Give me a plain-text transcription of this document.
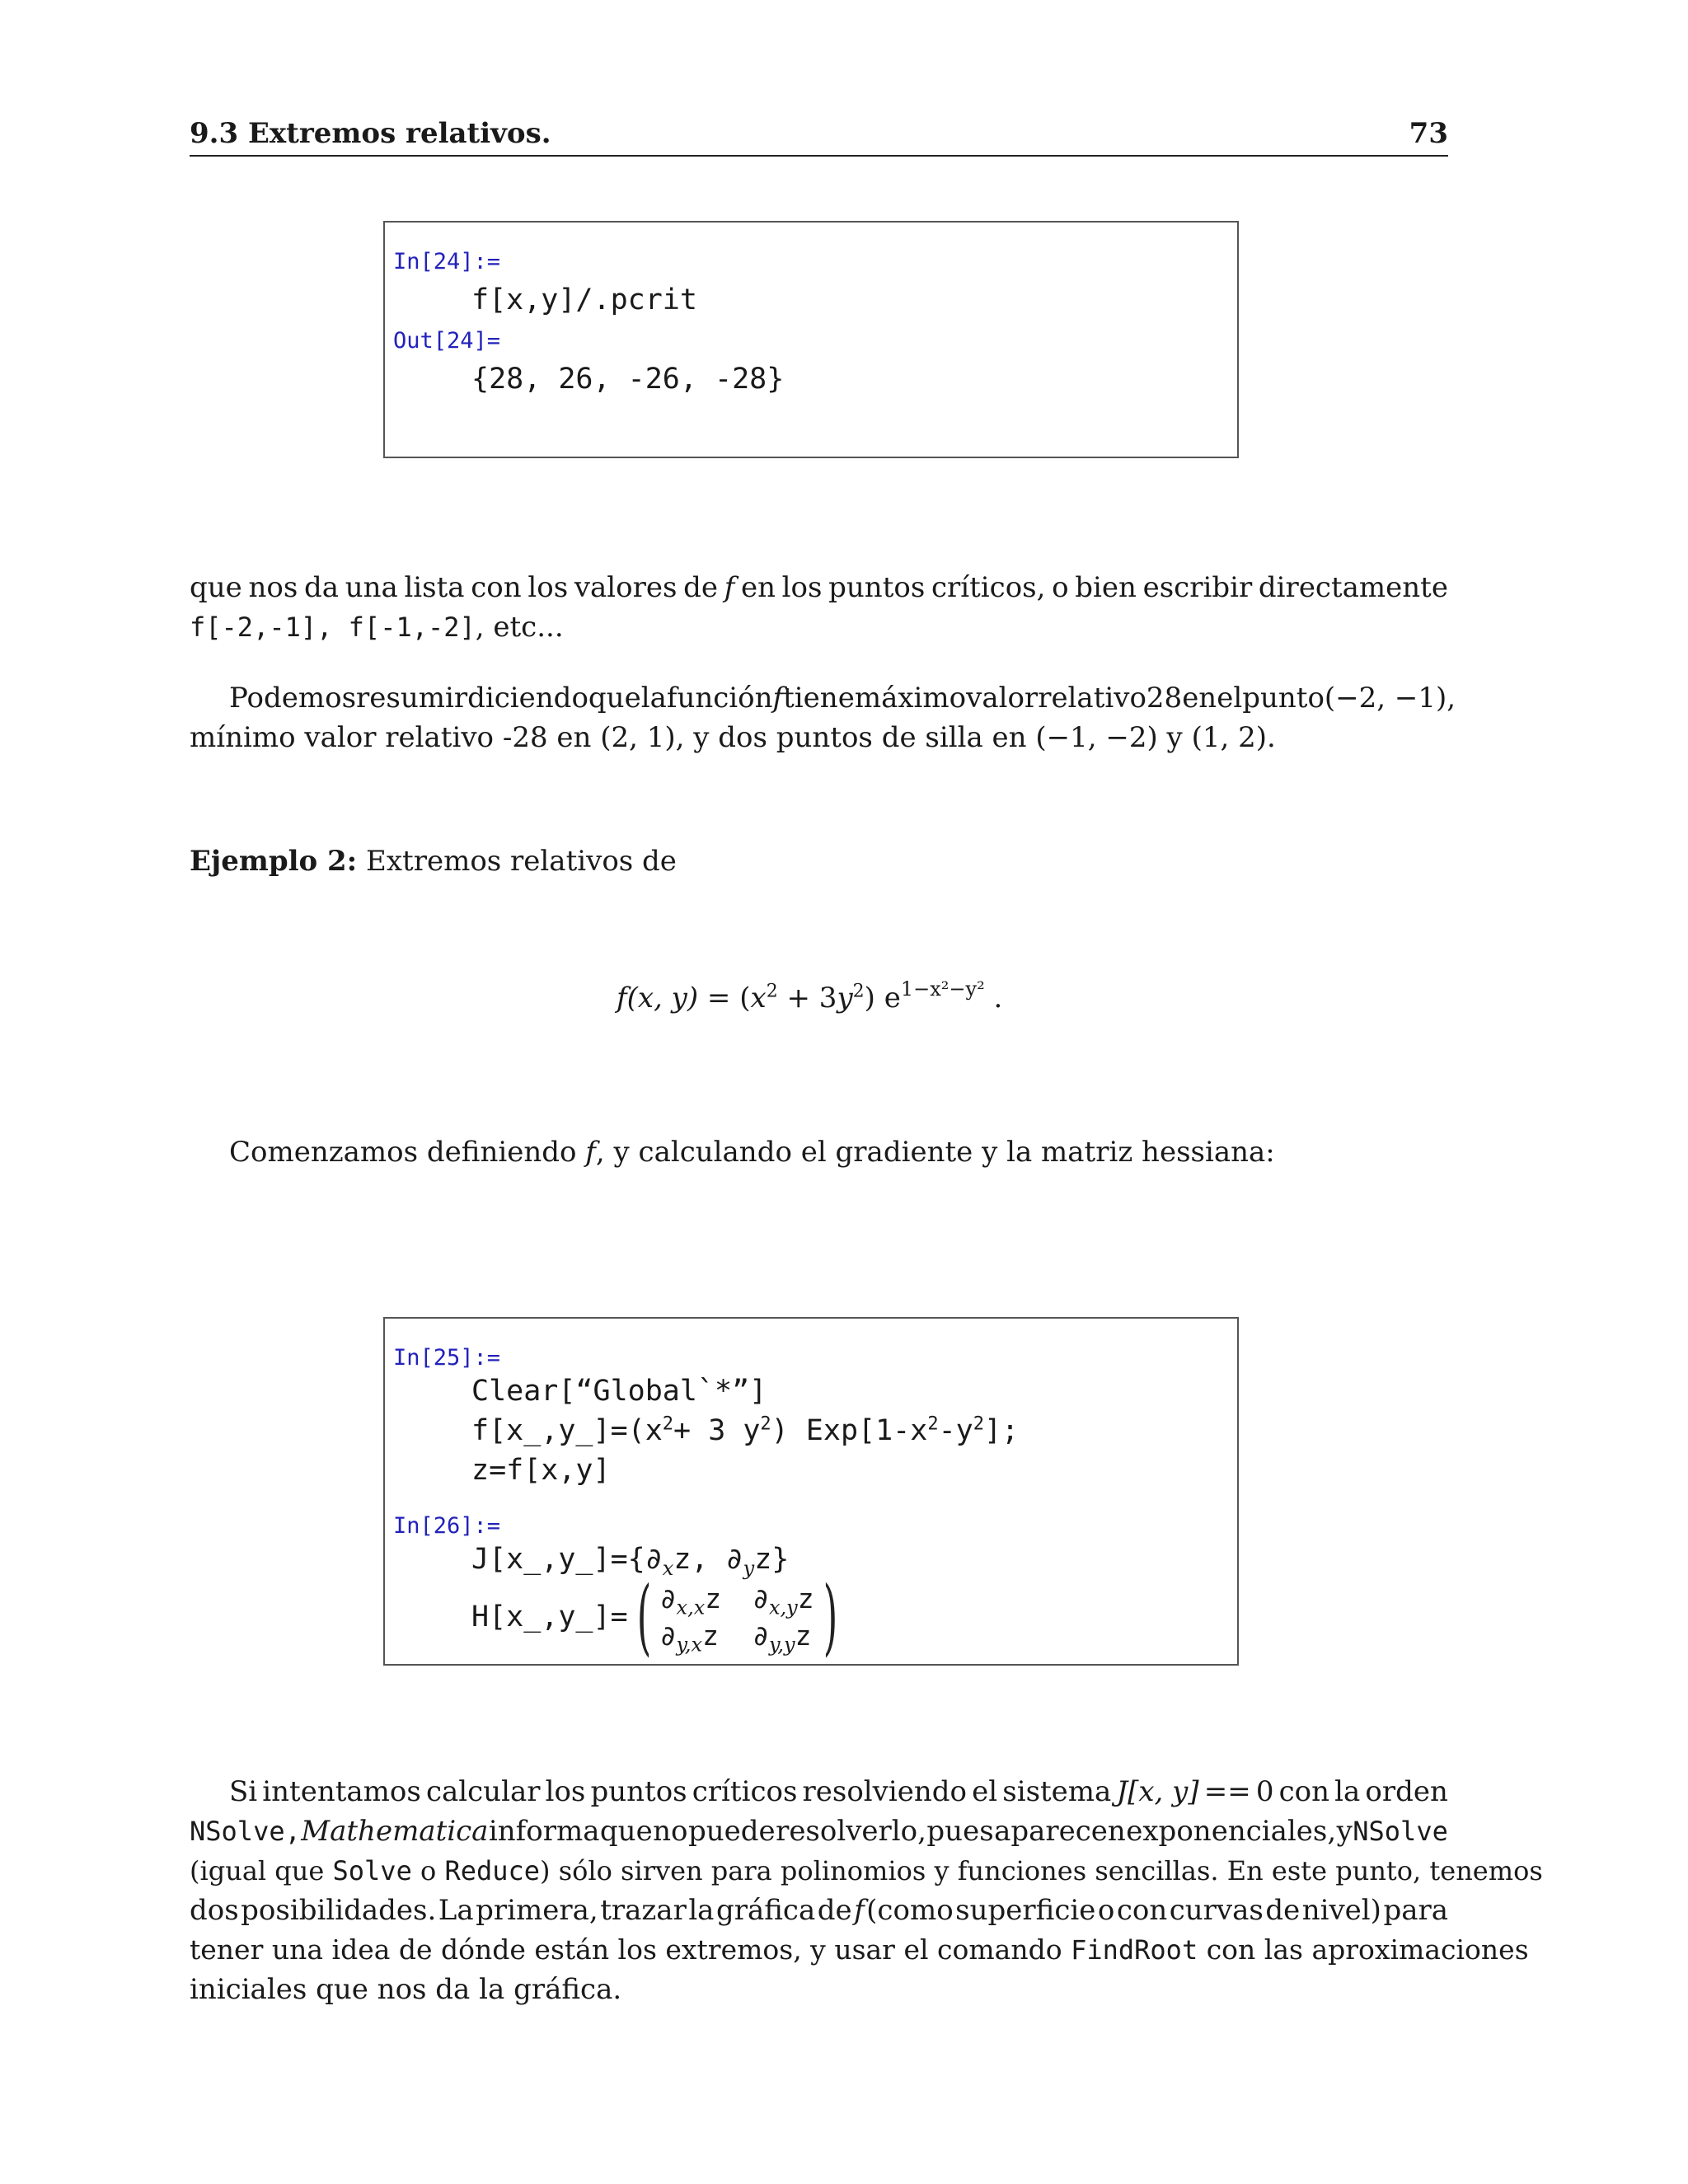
9.3 Extremos relativos.	73
In[24]:=
f[x,y]/.pcrit
Out[24]=
{28, 26, -26, -28}
que nos da una lista con los valores de f en los puntos críticos, o bien escribir directamente
f[-2,-1], f[-1,-2], etc...
Podemos resumir diciendo que la función f tiene máximo valor relativo 28 en el punto (−2, −1),
mínimo valor relativo -28 en (2, 1), y dos puntos de silla en (−1, −2) y (1, 2).
Ejemplo 2: Extremos relativos de
f(x, $y) = (x^2 + 3y^2)$ $e^{1-x^2-y^2}$ .
Comenzamos definiendo f, y calculando el gradiente y la matriz hessiana:
In[25]:=
Clear[“Global`*”]
$f[x\_,y\_]=(x^2+ 3$ $y^2$) $Exp[1-x^2-y^2]$;
z=f[x,y]
In[26]:=
$J[x\_,y\_]=\{\partial_xz$, $\partial_yz$}
H[x_,y_]= ( $\partial_{x,x}z$ $\partial_{x,y}z$
$\partial_{y,x}z$ $\partial_{y,y}z$ )
Si intentamos calcular los puntos críticos resolviendo el sistema J[x, y] == 0 con la orden
NSolve, Mathematica informa que no puede resolverlo, pues aparecen exponenciales, y NSolve
(igual que Solve o Reduce) sólo sirven para polinomios y funciones sencillas. En este punto, tenemos
dos posibilidades. La primera, trazar la gráfica de f (como superficie o con curvas de nivel) para
tener una idea de dónde están los extremos, y usar el comando FindRoot con las aproximaciones
iniciales que nos da la gráfica.
